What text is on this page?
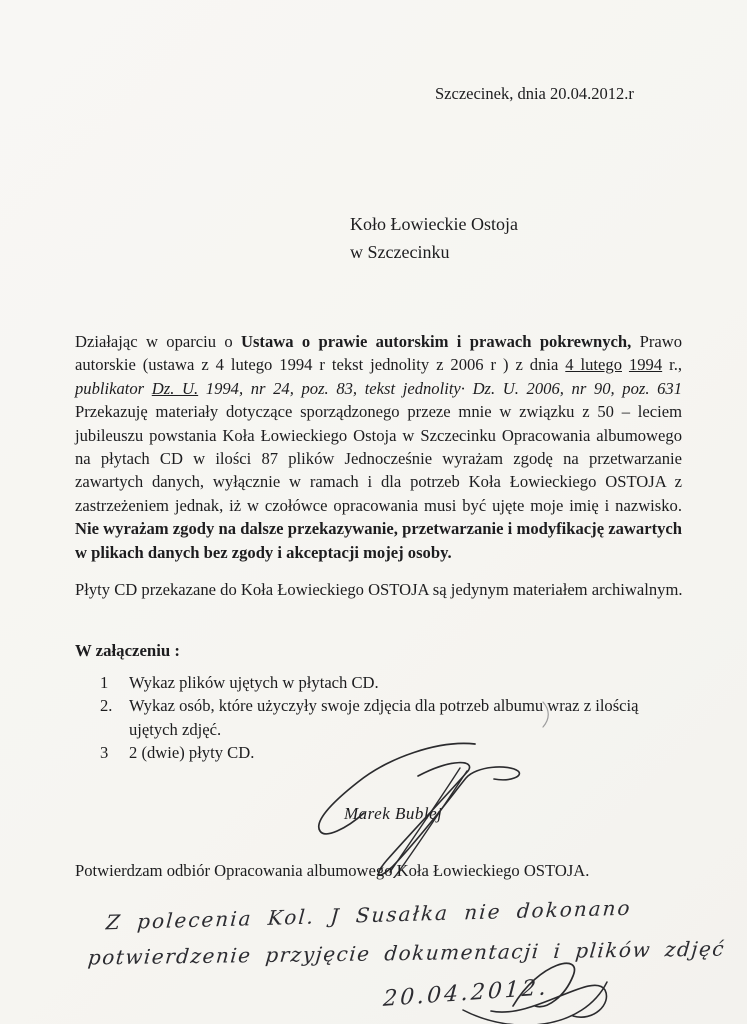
Szczecinek, dnia 20.04.2012.r
Koło Łowieckie Ostoja
w Szczecinku
Działając w oparciu o Ustawa o prawie autorskim i prawach pokrewnych, Prawo autorskie (ustawa z 4 lutego 1994 r tekst jednolity z 2006 r ) z dnia 4 lutego 1994 r., publikator Dz. U. 1994, nr 24, poz. 83, tekst jednolity· Dz. U. 2006, nr 90, poz. 631 Przekazuję materiały dotyczące sporządzonego przeze mnie w związku z 50 – leciem jubileuszu powstania Koła Łowieckiego Ostoja w Szczecinku Opracowania albumowego na płytach CD w ilości 87 plików Jednocześnie wyrażam zgodę na przetwarzanie zawartych danych, wyłącznie w ramach i dla potrzeb Koła Łowieckiego OSTOJA z zastrzeżeniem jednak, iż w czołówce opracowania musi być ujęte moje imię i nazwisko. Nie wyrażam zgody na dalsze przekazywanie, przetwarzanie i modyfikację zawartych w plikach danych bez zgody i akceptacji mojej osoby.
Płyty CD przekazane do Koła Łowieckiego OSTOJA są jedynym materiałem archiwalnym.
W załączeniu :
1	Wykaz plików ujętych w płytach CD.
2. Wykaz osób, które użyczyły swoje zdjęcia dla potrzeb albumu wraz z ilością ujętych zdjęć.
3	2 (dwie) płyty CD.
Marek Bublej
Potwierdzam odbiór Opracowania albumowego Koła Łowieckiego OSTOJA.
Z polecenia Kol. J Susałka nie dokonano
potwierdzenie przyjęcie dokumentacji i plików zdjęć
20.04.2012.
